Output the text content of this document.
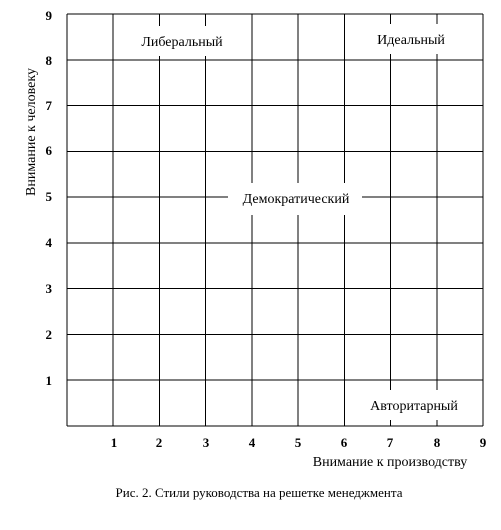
9
8
7
6
5
4
3
2
1
1	2	3	4	5	6	7	8	9
Либеральный	Идеальный
Демократический
Авторитарный
Внимание к человеку
Внимание к производству
Рис. 2. Стили руководства на решетке менеджмента
